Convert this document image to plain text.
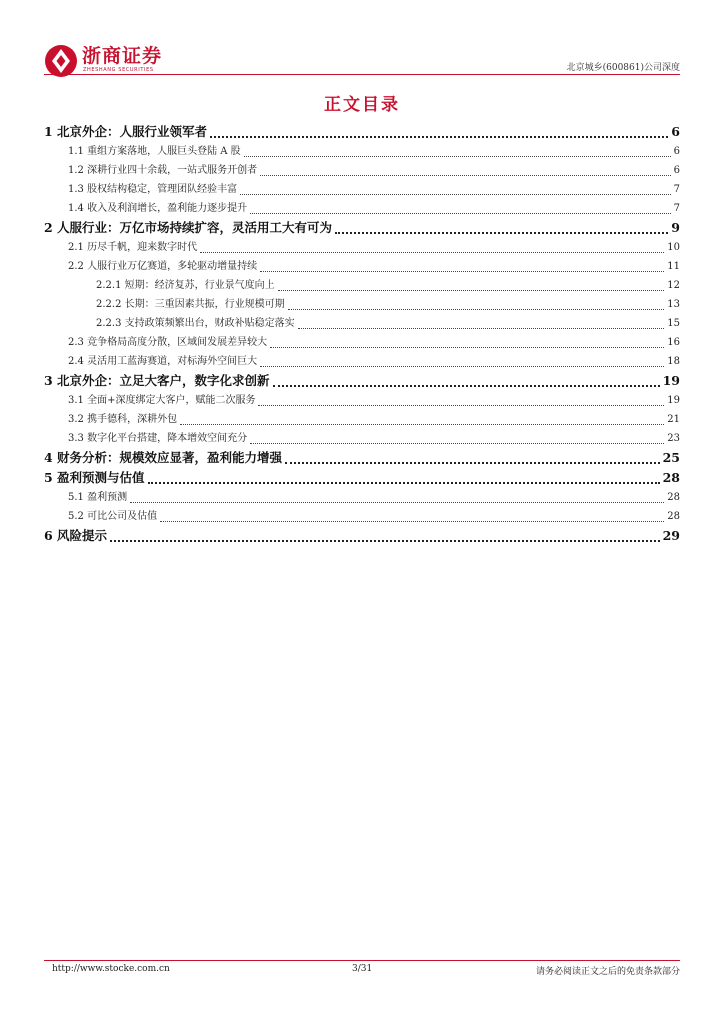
浙商证券
ZHESHANG SECURITIES	北京城乡(600861)公司深度
正文目录
1 北京外企：人服行业领军者	6
1.1 重组方案落地，人服巨头登陆 A 股	6
1.2 深耕行业四十余载，一站式服务开创者	6
1.3 股权结构稳定，管理团队经验丰富	7
1.4 收入及利润增长，盈利能力逐步提升	7
2 人服行业：万亿市场持续扩容，灵活用工大有可为	9
2.1 历尽千帆，迎来数字时代	10
2.2 人服行业万亿赛道，多轮驱动增量持续	11
2.2.1 短期：经济复苏，行业景气度向上	12
2.2.2 长期：三重因素共振，行业规模可期	13
2.2.3 支持政策频繁出台，财政补贴稳定落实	15
2.3 竞争格局高度分散，区域间发展差异较大	16
2.4 灵活用工蓝海赛道，对标海外空间巨大	18
3 北京外企：立足大客户，数字化求创新	19
3.1 全面+深度绑定大客户，赋能二次服务	19
3.2 携手德科，深耕外包	21
3.3 数字化平台搭建，降本增效空间充分	23
4 财务分析：规模效应显著，盈利能力增强	25
5 盈利预测与估值	28
5.1 盈利预测	28
5.2 可比公司及估值	28
6 风险提示	29
http://www.stocke.com.cn	3/31	请务必阅读正文之后的免责条款部分
